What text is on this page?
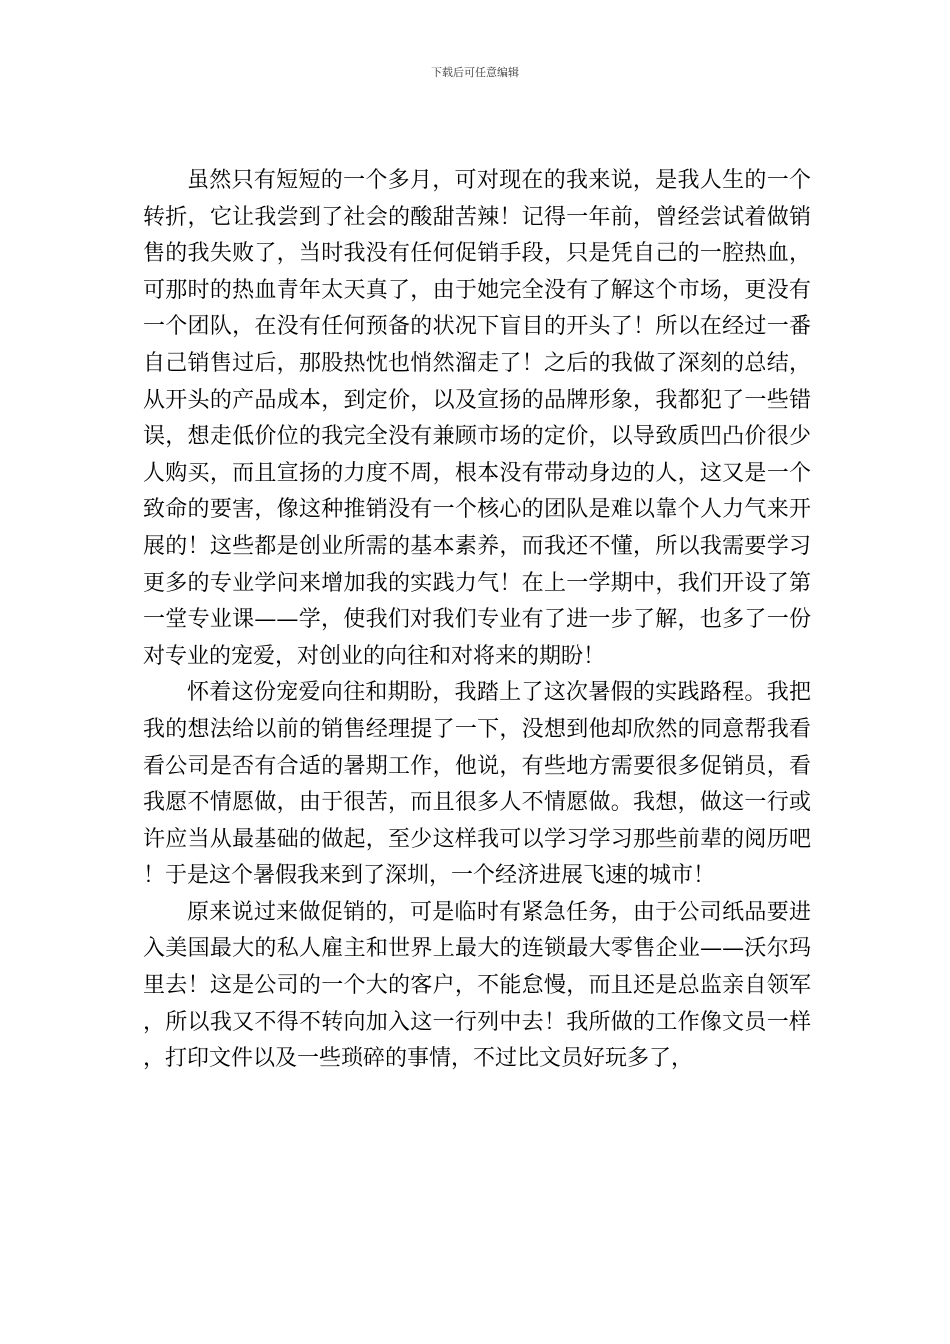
下载后可任意编辑

虽然只有短短的一个多月，可对现在的我来说，是我人生的一个转折，它让我尝到了社会的酸甜苦辣！记得一年前，曾经尝试着做销售的我失败了，当时我没有任何促销手段，只是凭自己的一腔热血，可那时的热血青年太天真了，由于她完全没有了解这个市场，更没有一个团队，在没有任何预备的状况下盲目的开头了！所以在经过一番自己销售过后，那股热忱也悄然溜走了！之后的我做了深刻的总结，从开头的产品成本，到定价，以及宣扬的品牌形象，我都犯了一些错误，想走低价位的我完全没有兼顾市场的定价，以导致质凹凸价很少人购买，而且宣扬的力度不周，根本没有带动身边的人，这又是一个致命的要害，像这种推销没有一个核心的团队是难以靠个人力气来开展的！这些都是创业所需的基本素养，而我还不懂，所以我需要学习更多的专业学问来增加我的实践力气！在上一学期中，我们开设了第一堂专业课——学，使我们对我们专业有了进一步了解，也多了一份对专业的宠爱，对创业的向往和对将来的期盼！

怀着这份宠爱向往和期盼，我踏上了这次暑假的实践路程。我把我的想法给以前的销售经理提了一下，没想到他却欣然的同意帮我看看公司是否有合适的暑期工作，他说，有些地方需要很多促销员，看我愿不情愿做，由于很苦，而且很多人不情愿做。我想，做这一行或许应当从最基础的做起，至少这样我可以学习学习那些前辈的阅历吧！于是这个暑假我来到了深圳，一个经济进展飞速的城市！

原来说过来做促销的，可是临时有紧急任务，由于公司纸品要进入美国最大的私人雇主和世界上最大的连锁最大零售企业——沃尔玛里去！这是公司的一个大的客户，不能怠慢，而且还是总监亲自领军，所以我又不得不转向加入这一行列中去！我所做的工作像文员一样，打印文件以及一些琐碎的事情，不过比文员好玩多了，
